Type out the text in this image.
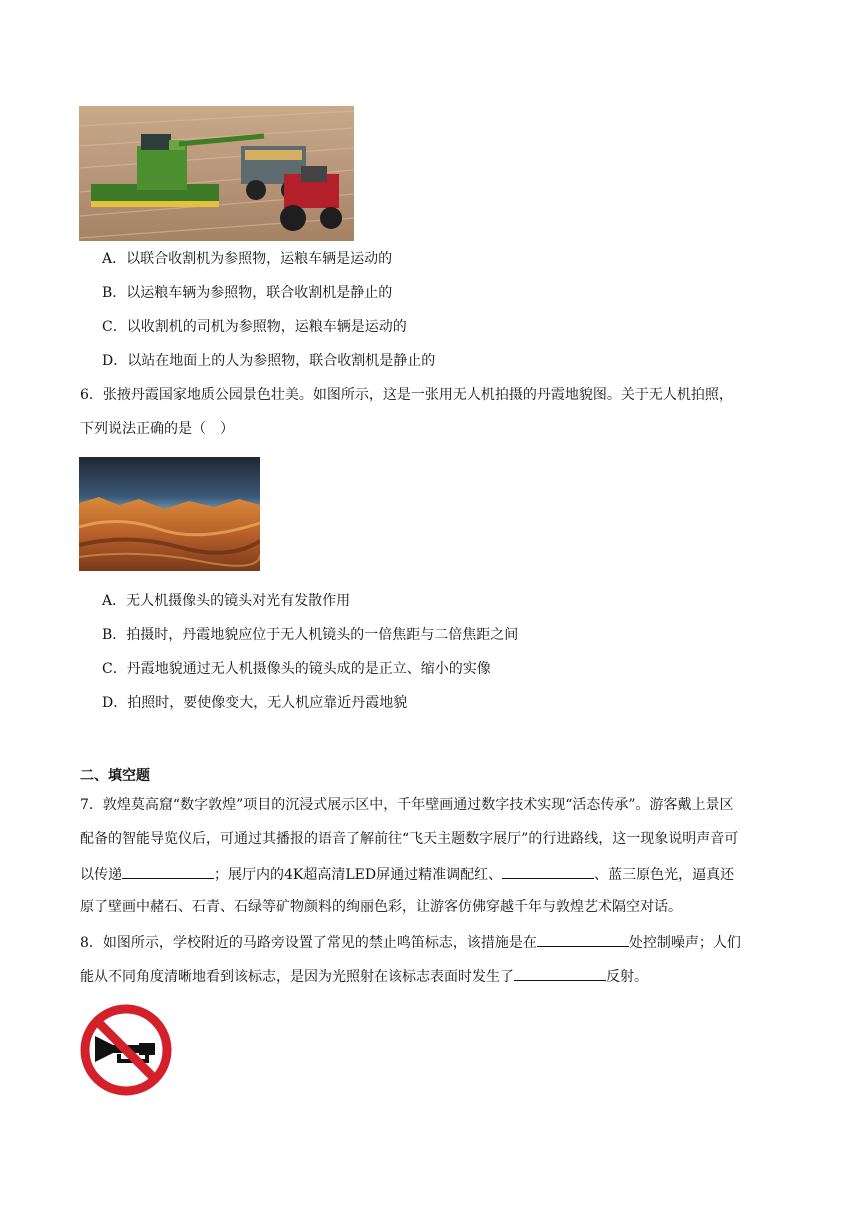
A．以联合收割机为参照物，运粮车辆是运动的
B．以运粮车辆为参照物，联合收割机是静止的
C．以收割机的司机为参照物，运粮车辆是运动的
D．以站在地面上的人为参照物，联合收割机是静止的
6．张掖丹霞国家地质公园景色壮美。如图所示，这是一张用无人机拍摄的丹霞地貌图。关于无人机拍照，
下列说法正确的是（　）
A．无人机摄像头的镜头对光有发散作用
B．拍摄时，丹霞地貌应位于无人机镜头的一倍焦距与二倍焦距之间
C．丹霞地貌通过无人机摄像头的镜头成的是正立、缩小的实像
D．拍照时，要使像变大，无人机应靠近丹霞地貌
二、填空题
7．敦煌莫高窟“数字敦煌”项目的沉浸式展示区中，千年壁画通过数字技术实现“活态传承”。游客戴上景区
配备的智能导览仪后，可通过其播报的语音了解前往“飞天主题数字展厅”的行进路线，这一现象说明声音可
以传递	；展厅内的4K超高清LED屏通过精准调配红、	、蓝三原色光，逼真还
原了壁画中赭石、石青、石绿等矿物颜料的绚丽色彩，让游客仿佛穿越千年与敦煌艺术隔空对话。
8．如图所示，学校附近的马路旁设置了常见的禁止鸣笛标志，该措施是在	处控制噪声；人们
能从不同角度清晰地看到该标志，是因为光照射在该标志表面时发生了	反射。
